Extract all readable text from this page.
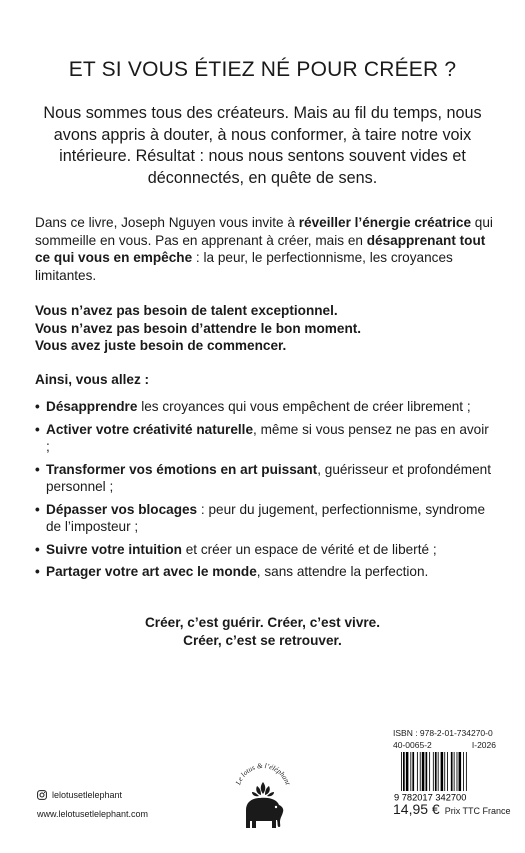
ET SI VOUS ÉTIEZ NÉ POUR CRÉER ?

Nous sommes tous des créateurs. Mais au fil du temps, nous avons appris à douter, à nous conformer, à taire notre voix intérieure. Résultat : nous nous sentons souvent vides et déconnectés, en quête de sens.

Dans ce livre, Joseph Nguyen vous invite à réveiller l’énergie créatrice qui sommeille en vous. Pas en apprenant à créer, mais en désapprenant tout ce qui vous en empêche : la peur, le perfectionnisme, les croyances limitantes.

Vous n’avez pas besoin de talent exceptionnel.
Vous n’avez pas besoin d’attendre le bon moment.
Vous avez juste besoin de commencer.

Ainsi, vous allez :

• Désapprendre les croyances qui vous empêchent de créer librement ;
• Activer votre créativité naturelle, même si vous pensez ne pas en avoir ;
• Transformer vos émotions en art puissant, guérisseur et profondément personnel ;
• Dépasser vos blocages : peur du jugement, perfectionnisme, syndrome de l’imposteur ;
• Suivre votre intuition et créer un espace de vérité et de liberté ;
• Partager votre art avec le monde, sans attendre la perfection.
Créer, c’est guérir. Créer, c’est vivre.
Créer, c’est se retrouver.
lelotusetlelephant
www.lelotusetlelephant.com
Le lotus & l’éléphant
ISBN : 978-2-01-734270-0
40-0065-2	I-2026
9 782017 342700
14,95 € Prix TTC France
